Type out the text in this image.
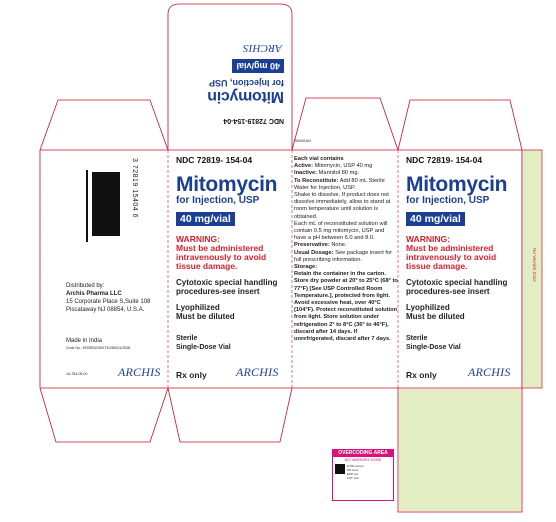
NDC 72819-154-04
Mitomycin
for Injection, USP
40 mg/vial
ARCHIS
3 72819 15404 6
Distributed by:
Archis Pharma LLC
15 Corporate Place S,Suite 108
Piscataway NJ 08854, U.S.A.
Made in India
Code No.: KR/DRUGS/KTK/28D/01/2008
1A-784-09-00	ARCHIS
NDC 72819- 154-04
Mitomycin
for Injection, USP
40 mg/vial
WARNING:
Must be administered intravenously to avoid tissue damage.
Cytotoxic special handling procedures-see insert
Lyophilized
Must be diluted
Sterile
Single-Dose Vial
Rx only ARCHIS
784001M
Each vial contains
Active: Mitomycin, USP 40 mg
Inactive: Mannitol 80 mg.
To Reconstitute: Add 80 mL Sterile Water for Injection, USP.
Shake to dissolve. If product does not dissolve immediately, allow to stand at room temperature until solution is obtained.
Each mL of reconstituted solution will contain 0.5 mg mitomycin, USP and have a pH between 6.0 and 8.0.
Preservative: None.
Usual Dosage: See package insert for full prescribing information.
Storage:
Retain the container in the carton. Store dry powder at 20° to 25°C (68° to 77°F) [See USP Controlled Room Temperature.], protected from light. Avoid excessive heat, over 40°C (104°F). Protect reconstituted solution from light. Store solution under refrigeration 2° to 8°C (36° to 46°F), discard after 14 days. If unrefrigerated, discard after 7 days.
NDC 72819- 154-04
Mitomycin
for Injection, USP
40 mg/vial
WARNING:
Must be administered intravenously to avoid tissue damage.
Cytotoxic special handling procedures-see insert
Lyophilized
Must be diluted
Sterile
Single-Dose Vial
Rx only	ARCHIS
No Varnish Zone
OVERCODING AREA
NO VARNISH ZONE
GTIN ▪▪▪▪▪▪▪▪
SN ▪▪▪▪▪▪
EXP ▪▪▪▪
LOT ▪▪▪▪▪
